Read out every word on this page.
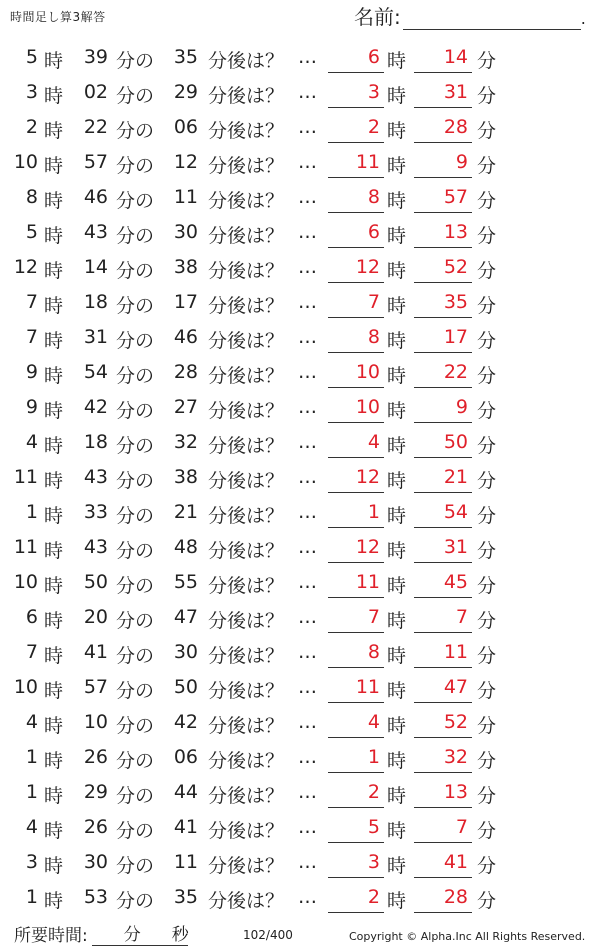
時間足し算3解答	名前:	.
5 時	39 分の	35 分後は？ …	6 時	14 分
3 時	02 分の	29 分後は？ …	3 時	31 分
2 時	22 分の	06 分後は？ …	2 時	28 分
10 時	57 分の	12 分後は？ …	11 時	9 分
8 時	46 分の	11 分後は？ …	8 時	57 分
5 時	43 分の	30 分後は？ …	6 時	13 分
12 時	14 分の	38 分後は？ …	12 時	52 分
7 時	18 分の	17 分後は？ …	7 時	35 分
7 時	31 分の	46 分後は？ …	8 時	17 分
9 時	54 分の	28 分後は？ …	10 時	22 分
9 時	42 分の	27 分後は？ …	10 時	9 分
4 時	18 分の	32 分後は？ …	4 時	50 分
11 時	43 分の	38 分後は？ …	12 時	21 分
1 時	33 分の	21 分後は？ …	1 時	54 分
11 時	43 分の	48 分後は？ …	12 時	31 分
10 時	50 分の	55 分後は？ …	11 時	45 分
6 時	20 分の	47 分後は？ …	7 時	7 分
7 時	41 分の	30 分後は？ …	8 時	11 分
10 時	57 分の	50 分後は？ …	11 時	47 分
4 時	10 分の	42 分後は？ …	4 時	52 分
1 時	26 分の	06 分後は？ …	1 時	32 分
1 時	29 分の	44 分後は？ …	2 時	13 分
4 時	26 分の	41 分後は？ …	5 時	7 分
3 時	30 分の	11 分後は？ …	3 時	41 分
1 時	53 分の	35 分後は？ …	2 時	28 分
所要時間: 分 秒	102/400	Copyright © Alpha.Inc All Rights Reserved.
